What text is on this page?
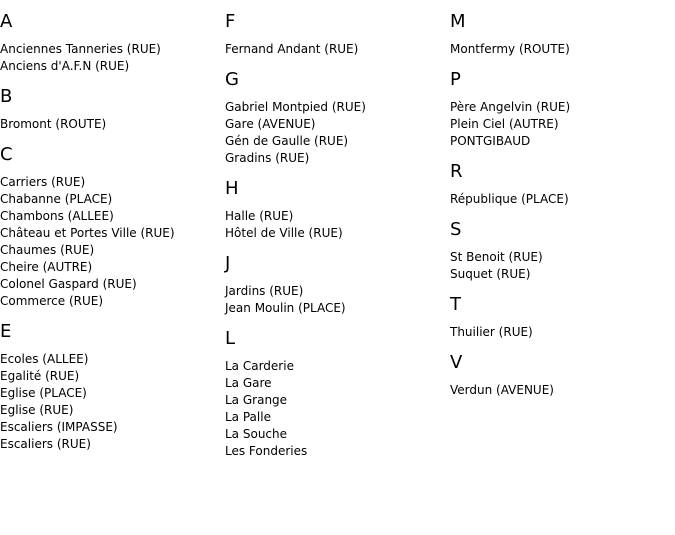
A
Anciennes Tanneries (RUE)
Anciens d'A.F.N (RUE)
B
Bromont (ROUTE)
C
Carriers (RUE)
Chabanne (PLACE)
Chambons (ALLEE)
Château et Portes Ville (RUE)
Chaumes (RUE)
Cheire (AUTRE)
Colonel Gaspard (RUE)
Commerce (RUE)
E
Ecoles (ALLEE)
Egalité (RUE)
Eglise (PLACE)
Eglise (RUE)
Escaliers (IMPASSE)
Escaliers (RUE)
F
Fernand Andant (RUE)
G
Gabriel Montpied (RUE)
Gare (AVENUE)
Gén de Gaulle (RUE)
Gradins (RUE)
H
Halle (RUE)
Hôtel de Ville (RUE)
J
Jardins (RUE)
Jean Moulin (PLACE)
L
La Carderie
La Gare
La Grange
La Palle
La Souche
Les Fonderies
M
Montfermy (ROUTE)
P
Père Angelvin (RUE)
Plein Ciel (AUTRE)
PONTGIBAUD
R
République (PLACE)
S
St Benoit (RUE)
Suquet (RUE)
T
Thuilier (RUE)
V
Verdun (AVENUE)
